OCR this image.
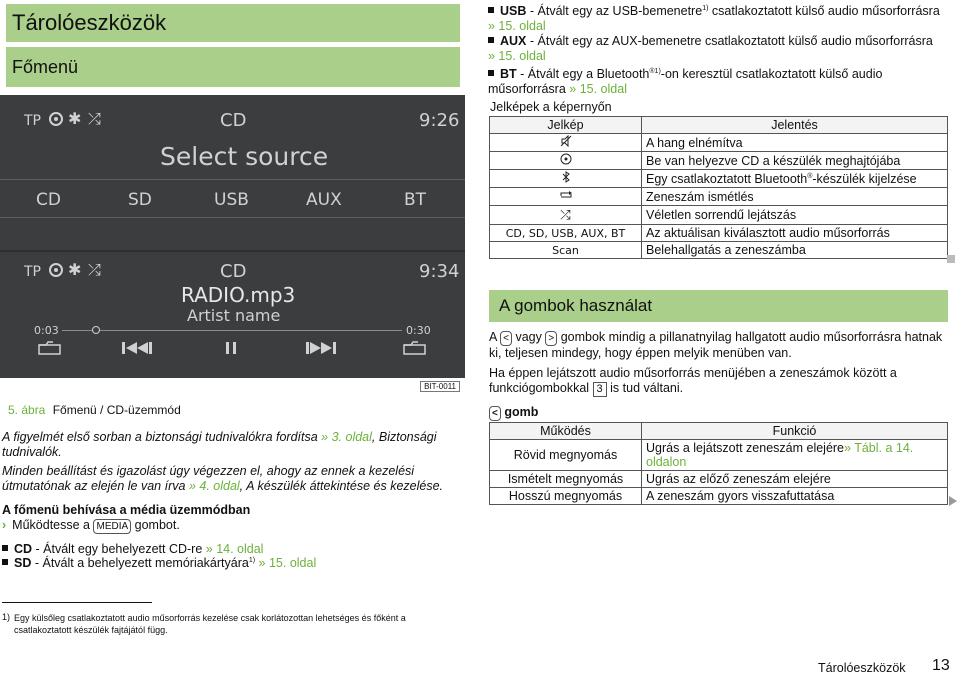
Tárolóeszközök
Főmenü
TP ✱ ⤮	CD	9:26
Select source
CD	SD	USB	AUX	BT
TP ✱ ⤮	CD	9:34
RADIO.mp3
Artist name
0:03	0:30
BIT-0011
5. ábra Főmenü / CD-üzemmód
A figyelmét első sorban a biztonsági tudnivalókra fordítsa » 3. oldal, Biztonsági tudnivalók.
Minden beállítást és igazolást úgy végezzen el, ahogy az ennek a kezelési útmutatónak az elején le van írva » 4. oldal, A készülék áttekintése és kezelése.
A főmenü behívása a média üzemmódban
› Működtesse a MEDIA gombot.
CD - Átvált egy behelyezett CD-re » 14. oldal
SD - Átvált a behelyezett memóriakártyára$^{1)}$ » 15. oldal
1) Egy külsőleg csatlakoztatott audio műsorforrás kezelése csak korlátozottan lehetséges és főként a csatlakoztatott készülék fajtájától függ.
USB - Átvált egy az USB-bemenetre$^{1)}$ csatlakoztatott külső audio műsorforrásra
» 15. oldal
AUX - Átvált egy az AUX-bemenetre csatlakoztatott külső audio műsorforrásra
» 15. oldal
BT - Átvált egy a Bluetooth$^{®1)}$-on keresztül csatlakoztatott külső audio műsorforrásra » 15. oldal
Jelképek a képernyőn
Jelkép	Jelentés
	A hang elnémítva
	Be van helyezve CD a készülék meghajtójába
	Egy csatlakoztatott Bluetooth®-készülék kijelzése
	Zeneszám ismétlés
⤮	Véletlen sorrendű lejátszás
CD, SD, USB, AUX, BT	Az aktuálisan kiválasztott audio műsorforrás
Scan	Belehallgatás a zeneszámba
A gombok használat
A < vagy > gombok mindig a pillanatnyilag hallgatott audio műsorforrásra hatnak ki, teljesen mindegy, hogy éppen melyik menüben van.
Ha éppen lejátszott audio műsorforrás menüjében a zeneszámok között a funkciógombokkal 3 is tud váltani.
< gomb
Működés	Funkció
Rövid megnyomás	Ugrás a lejátszott zeneszám elejére» Tábl. a 14. oldalon
Ismételt megnyomás	Ugrás az előző zeneszám elejére
Hosszú megnyomás	A zeneszám gyors visszafuttatása
Tárolóeszközök 13
